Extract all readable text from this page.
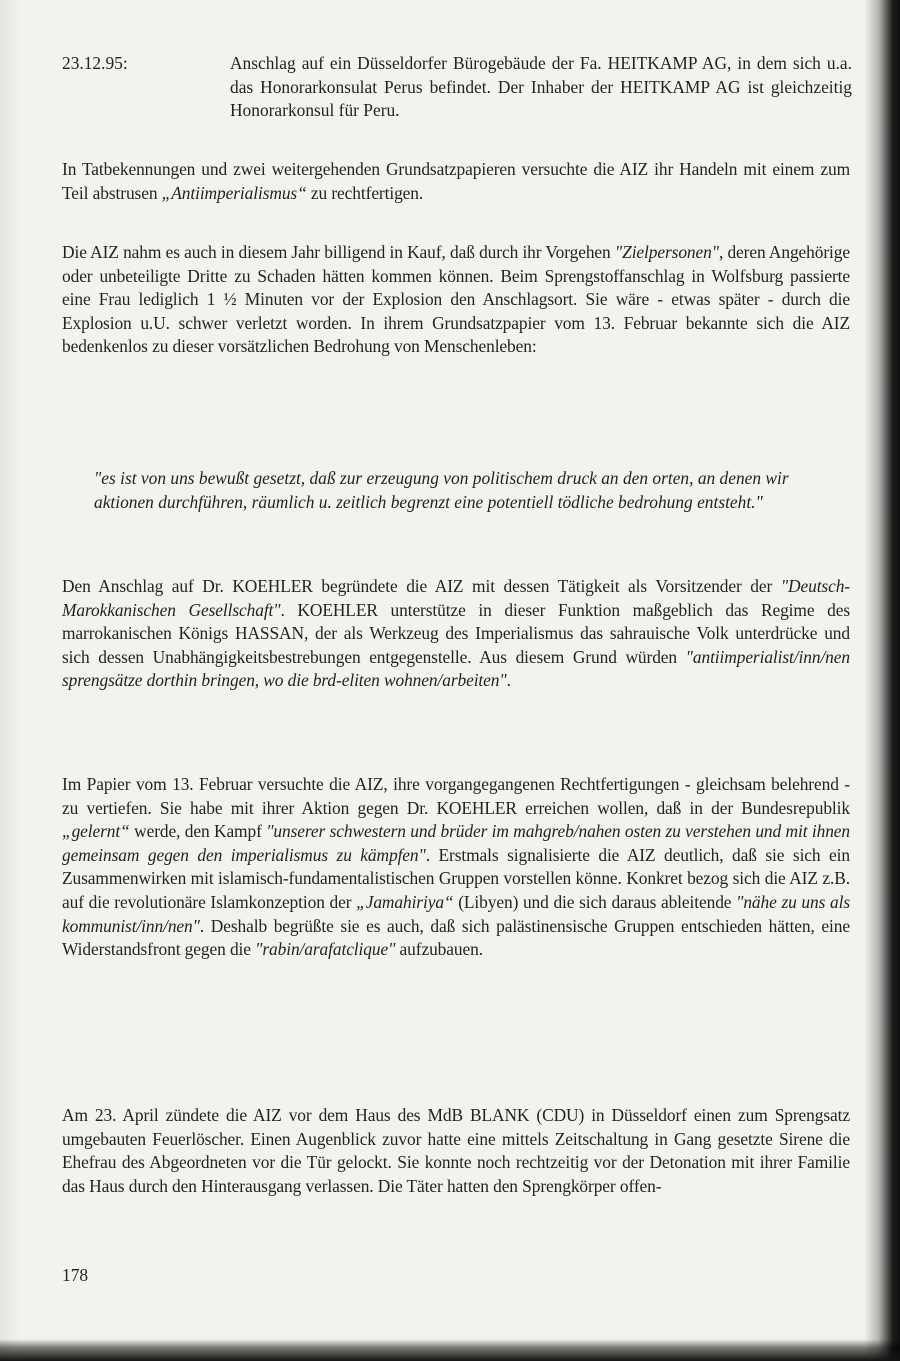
23.12.95:	Anschlag auf ein Düsseldorfer Bürogebäude der Fa. HEITKAMP AG, in dem sich u.a. das Honorarkonsulat Perus befindet. Der Inhaber der HEITKAMP AG ist gleichzeitig Honorarkonsul für Peru.

In Tatbekennungen und zwei weitergehenden Grundsatzpapieren versuchte die AIZ ihr Handeln mit einem zum Teil abstrusen „Antiimperialismus“ zu rechtfertigen.

Die AIZ nahm es auch in diesem Jahr billigend in Kauf, daß durch ihr Vorgehen "Zielpersonen", deren Angehörige oder unbeteiligte Dritte zu Schaden hätten kommen können. Beim Sprengstoffanschlag in Wolfsburg passierte eine Frau lediglich 1 ½ Minuten vor der Explosion den Anschlagsort. Sie wäre - etwas später - durch die Explosion u.U. schwer verletzt worden. In ihrem Grundsatzpapier vom 13. Februar bekannte sich die AIZ bedenkenlos zu dieser vorsätzlichen Bedrohung von Menschenleben:

"es ist von uns bewußt gesetzt, daß zur erzeugung von politischem druck an den orten, an denen wir aktionen durchführen, räumlich u. zeitlich begrenzt eine potentiell tödliche bedrohung entsteht."

Den Anschlag auf Dr. KOEHLER begründete die AIZ mit dessen Tätigkeit als Vorsitzender der "Deutsch-Marokkanischen Gesellschaft". KOEHLER unterstütze in dieser Funktion maßgeblich das Regime des marrokanischen Königs HASSAN, der als Werkzeug des Imperialismus das sahrauische Volk unterdrücke und sich dessen Unabhängigkeitsbestrebungen entgegenstelle. Aus diesem Grund würden "antiimperialist/inn/nen sprengsätze dorthin bringen, wo die brd-eliten wohnen/arbeiten".

Im Papier vom 13. Februar versuchte die AIZ, ihre vorgangegangenen Rechtfertigungen - gleichsam belehrend - zu vertiefen. Sie habe mit ihrer Aktion gegen Dr. KOEHLER erreichen wollen, daß in der Bundesrepublik „gelernt“ werde, den Kampf "unserer schwestern und brüder im mahgreb/nahen osten zu verstehen und mit ihnen gemeinsam gegen den imperialismus zu kämpfen". Erstmals signalisierte die AIZ deutlich, daß sie sich ein Zusammenwirken mit islamisch-fundamentalistischen Gruppen vorstellen könne. Konkret bezog sich die AIZ z.B. auf die revolutionäre Islamkonzeption der „Jamahiriya“ (Libyen) und die sich daraus ableitende "nähe zu uns als kommunist/inn/nen". Deshalb begrüßte sie es auch, daß sich palästinensische Gruppen entschieden hätten, eine Widerstandsfront gegen die "rabin/arafatclique" aufzubauen.

Am 23. April zündete die AIZ vor dem Haus des MdB BLANK (CDU) in Düsseldorf einen zum Sprengsatz umgebauten Feuerlöscher. Einen Augenblick zuvor hatte eine mittels Zeitschaltung in Gang gesetzte Sirene die Ehefrau des Abgeordneten vor die Tür gelockt. Sie konnte noch rechtzeitig vor der Detonation mit ihrer Familie das Haus durch den Hinterausgang verlassen. Die Täter hatten den Sprengkörper offen-

178
